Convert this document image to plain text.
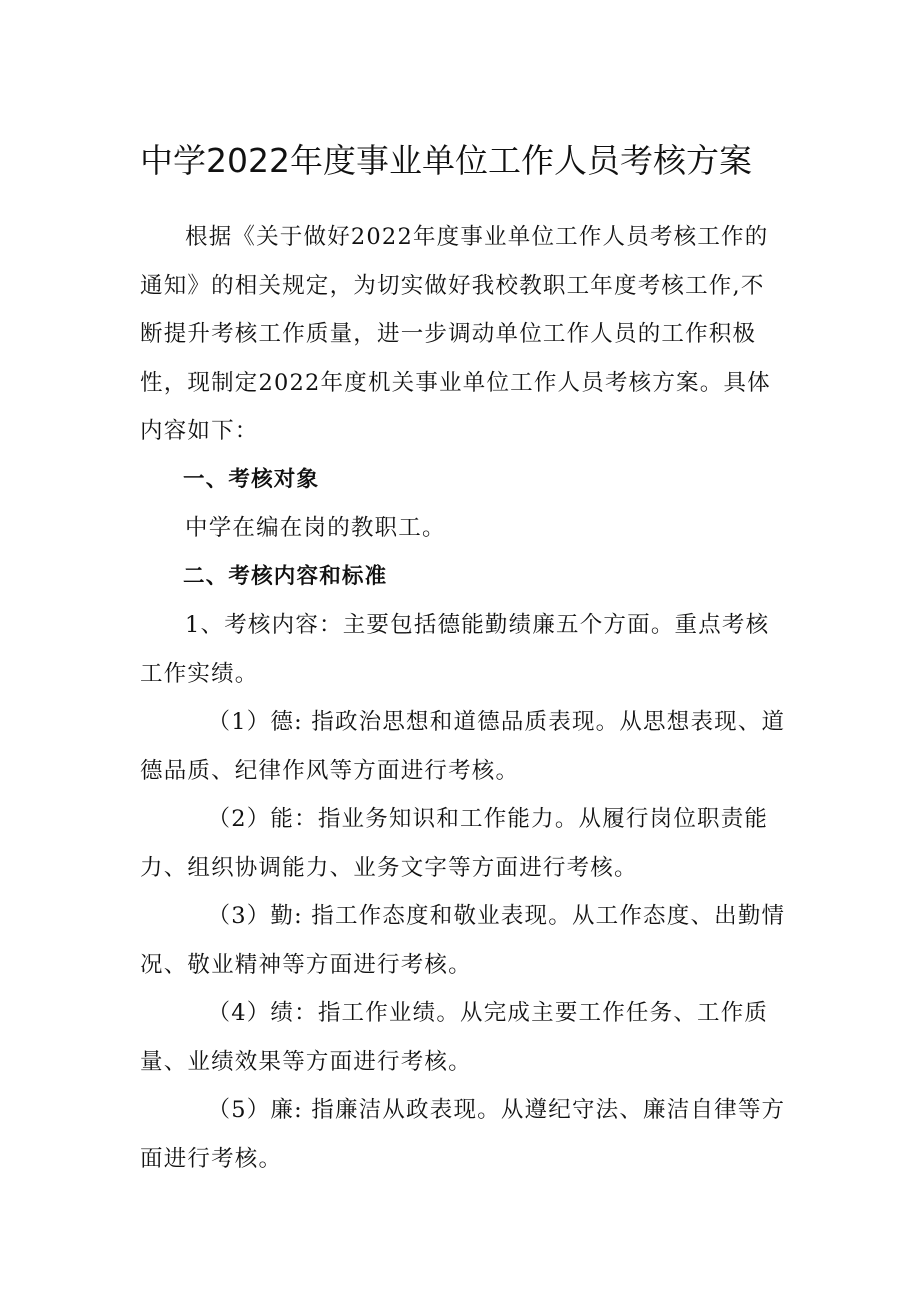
中学2022年度事业单位工作人员考核方案

根据《关于做好2022年度事业单位工作人员考核工作的通知》的相关规定，为切实做好我校教职工年度考核工作,不断提升考核工作质量，进一步调动单位工作人员的工作积极性，现制定2022年度机关事业单位工作人员考核方案。具体内容如下：

一、考核对象

中学在编在岗的教职工。

二、考核内容和标准

1、考核内容：主要包括德能勤绩廉五个方面。重点考核工作实绩。

（1）德: 指政治思想和道德品质表现。从思想表现、道德品质、纪律作风等方面进行考核。

（2）能：指业务知识和工作能力。从履行岗位职责能力、组织协调能力、业务文字等方面进行考核。

（3）勤: 指工作态度和敬业表现。从工作态度、出勤情况、敬业精神等方面进行考核。

（4）绩：指工作业绩。从完成主要工作任务、工作质量、业绩效果等方面进行考核。

（5）廉: 指廉洁从政表现。从遵纪守法、廉洁自律等方面进行考核。
